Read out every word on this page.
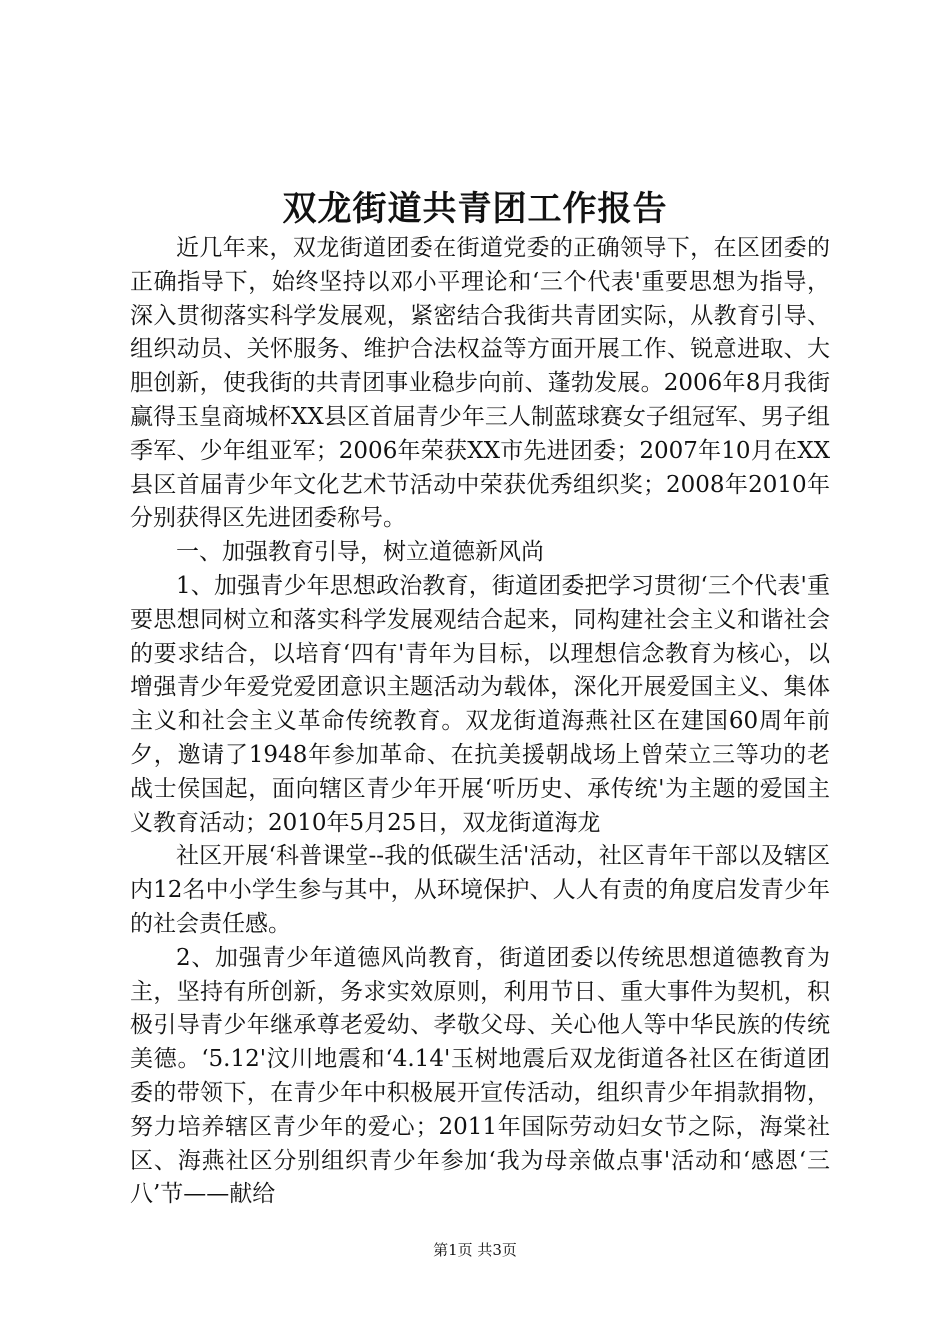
双龙街道共青团工作报告

近几年来，双龙街道团委在街道党委的正确领导下，在区团委的正确指导下，始终坚持以邓小平理论和‘三个代表'重要思想为指导，深入贯彻落实科学发展观，紧密结合我街共青团实际，从教育引导、组织动员、关怀服务、维护合法权益等方面开展工作、锐意进取、大胆创新，使我街的共青团事业稳步向前、蓬勃发展。2006年8月我街赢得玉皇商城杯XX县区首届青少年三人制蓝球赛女子组冠军、男子组季军、少年组亚军；2006年荣获XX市先进团委；2007年10月在XX县区首届青少年文化艺术节活动中荣获优秀组织奖；2008年2010年分别获得区先进团委称号。

一、加强教育引导，树立道德新风尚

1、加强青少年思想政治教育，街道团委把学习贯彻‘三个代表'重要思想同树立和落实科学发展观结合起来，同构建社会主义和谐社会的要求结合，以培育‘四有'青年为目标，以理想信念教育为核心，以增强青少年爱党爱团意识主题活动为载体，深化开展爱国主义、集体主义和社会主义革命传统教育。双龙街道海燕社区在建国60周年前夕，邀请了1948年参加革命、在抗美援朝战场上曾荣立三等功的老战士侯国起，面向辖区青少年开展‘听历史、承传统'为主题的爱国主义教育活动；2010年5月25日，双龙街道海龙

社区开展‘科普课堂--我的低碳生活'活动，社区青年干部以及辖区内12名中小学生参与其中，从环境保护、人人有责的角度启发青少年的社会责任感。

2、加强青少年道德风尚教育，街道团委以传统思想道德教育为主，坚持有所创新，务求实效原则，利用节日、重大事件为契机，积极引导青少年继承尊老爱幼、孝敬父母、关心他人等中华民族的传统美德。‘5.12'汶川地震和‘4.14'玉树地震后双龙街道各社区在街道团委的带领下，在青少年中积极展开宣传活动，组织青少年捐款捐物，努力培养辖区青少年的爱心；2011年国际劳动妇女节之际，海棠社区、海燕社区分别组织青少年参加‘我为母亲做点事'活动和‘感恩‘三八’节——献给

第1页 共3页
